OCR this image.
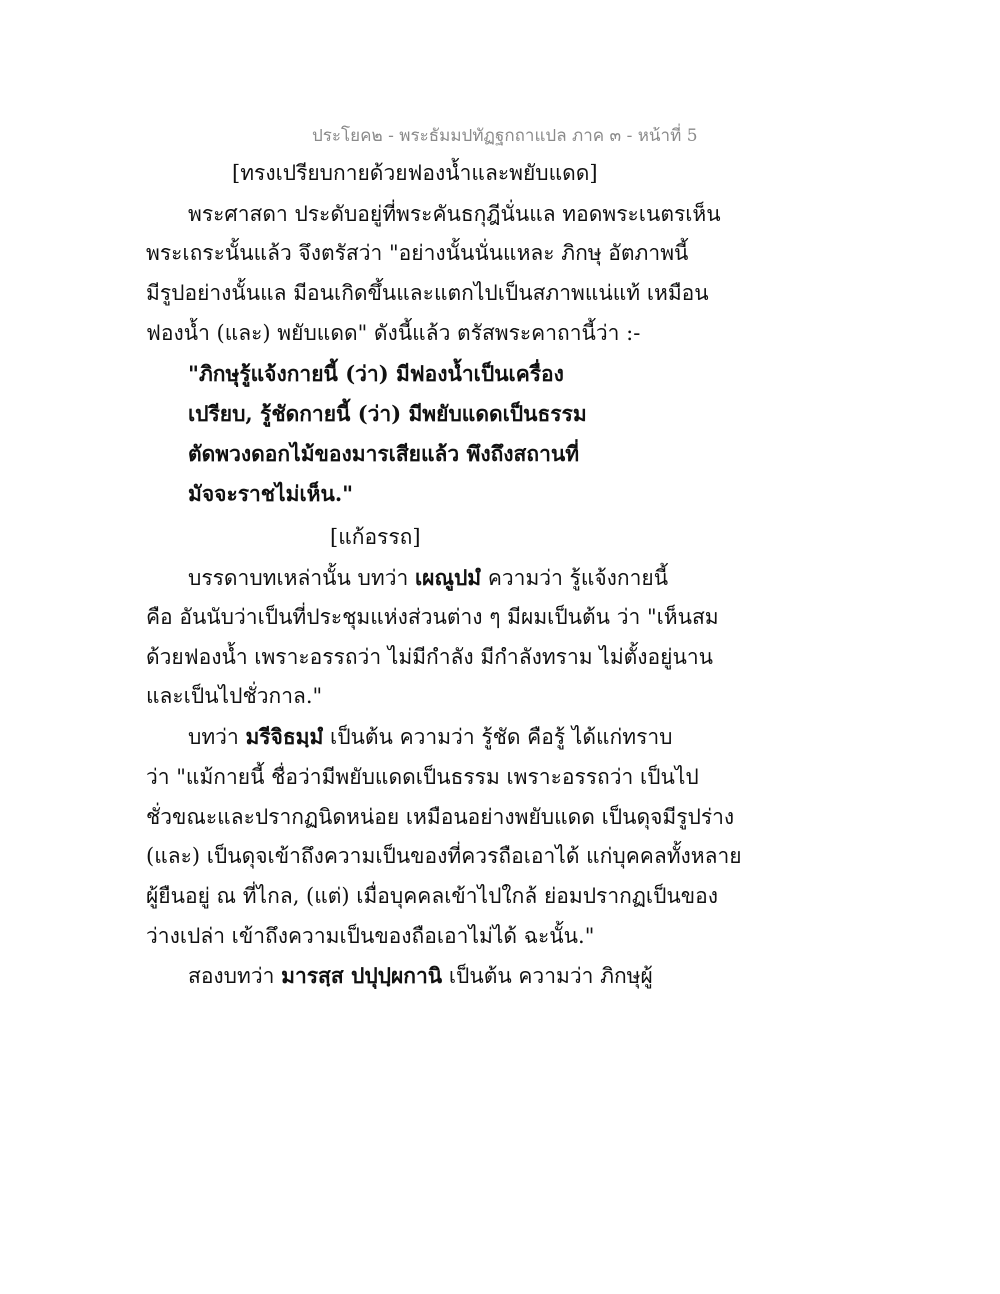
ประโยค๒ - พระธัมมปทัฏฐกถาแปล ภาค ๓ - หน้าที่ 5
[ทรงเปรียบกายด้วยฟองน้ำและพยับแดด]
พระศาสดา ประดับอยู่ที่พระคันธกุฎีนั่นแล ทอดพระเนตรเห็น
พระเถระนั้นแล้ว จึงตรัสว่า "อย่างนั้นนั่นแหละ ภิกษุ อัตภาพนี้
มีรูปอย่างนั้นแล มีอนเกิดขึ้นและแตกไปเป็นสภาพแน่แท้ เหมือน
ฟองน้ำ (และ) พยับแดด" ดังนี้แล้ว ตรัสพระคาถานี้ว่า :-
"ภิกษุรู้แจ้งกายนี้ (ว่า) มีฟองน้ำเป็นเครื่อง
เปรียบ, รู้ชัดกายนี้ (ว่า) มีพยับแดดเป็นธรรม
ตัดพวงดอกไม้ของมารเสียแล้ว พึงถึงสถานที่
มัจจะราชไม่เห็น."
[แก้อรรถ]
บรรดาบทเหล่านั้น บทว่า เผณูปมํ ความว่า รู้แจ้งกายนี้
คือ อันนับว่าเป็นที่ประชุมแห่งส่วนต่าง ๆ มีผมเป็นต้น ว่า "เห็นสม
ด้วยฟองน้ำ เพราะอรรถว่า ไม่มีกำลัง มีกำลังทราม ไม่ตั้งอยู่นาน
และเป็นไปชั่วกาล."
บทว่า มรีจิธมฺมํ เป็นต้น ความว่า รู้ชัด คือรู้ ได้แก่ทราบ
ว่า "แม้กายนี้ ชื่อว่ามีพยับแดดเป็นธรรม เพราะอรรถว่า เป็นไป
ชั่วขณะและปรากฏนิดหน่อย เหมือนอย่างพยับแดด เป็นดุจมีรูปร่าง
(และ) เป็นดุจเข้าถึงความเป็นของที่ควรถือเอาได้ แก่บุคคลทั้งหลาย
ผู้ยืนอยู่ ณ ที่ไกล, (แต่) เมื่อบุคคลเข้าไปใกล้ ย่อมปรากฏเป็นของ
ว่างเปล่า เข้าถึงความเป็นของถือเอาไม่ได้ ฉะนั้น."
สองบทว่า มารสฺส ปปุปฺผกานิ เป็นต้น ความว่า ภิกษุผู้
